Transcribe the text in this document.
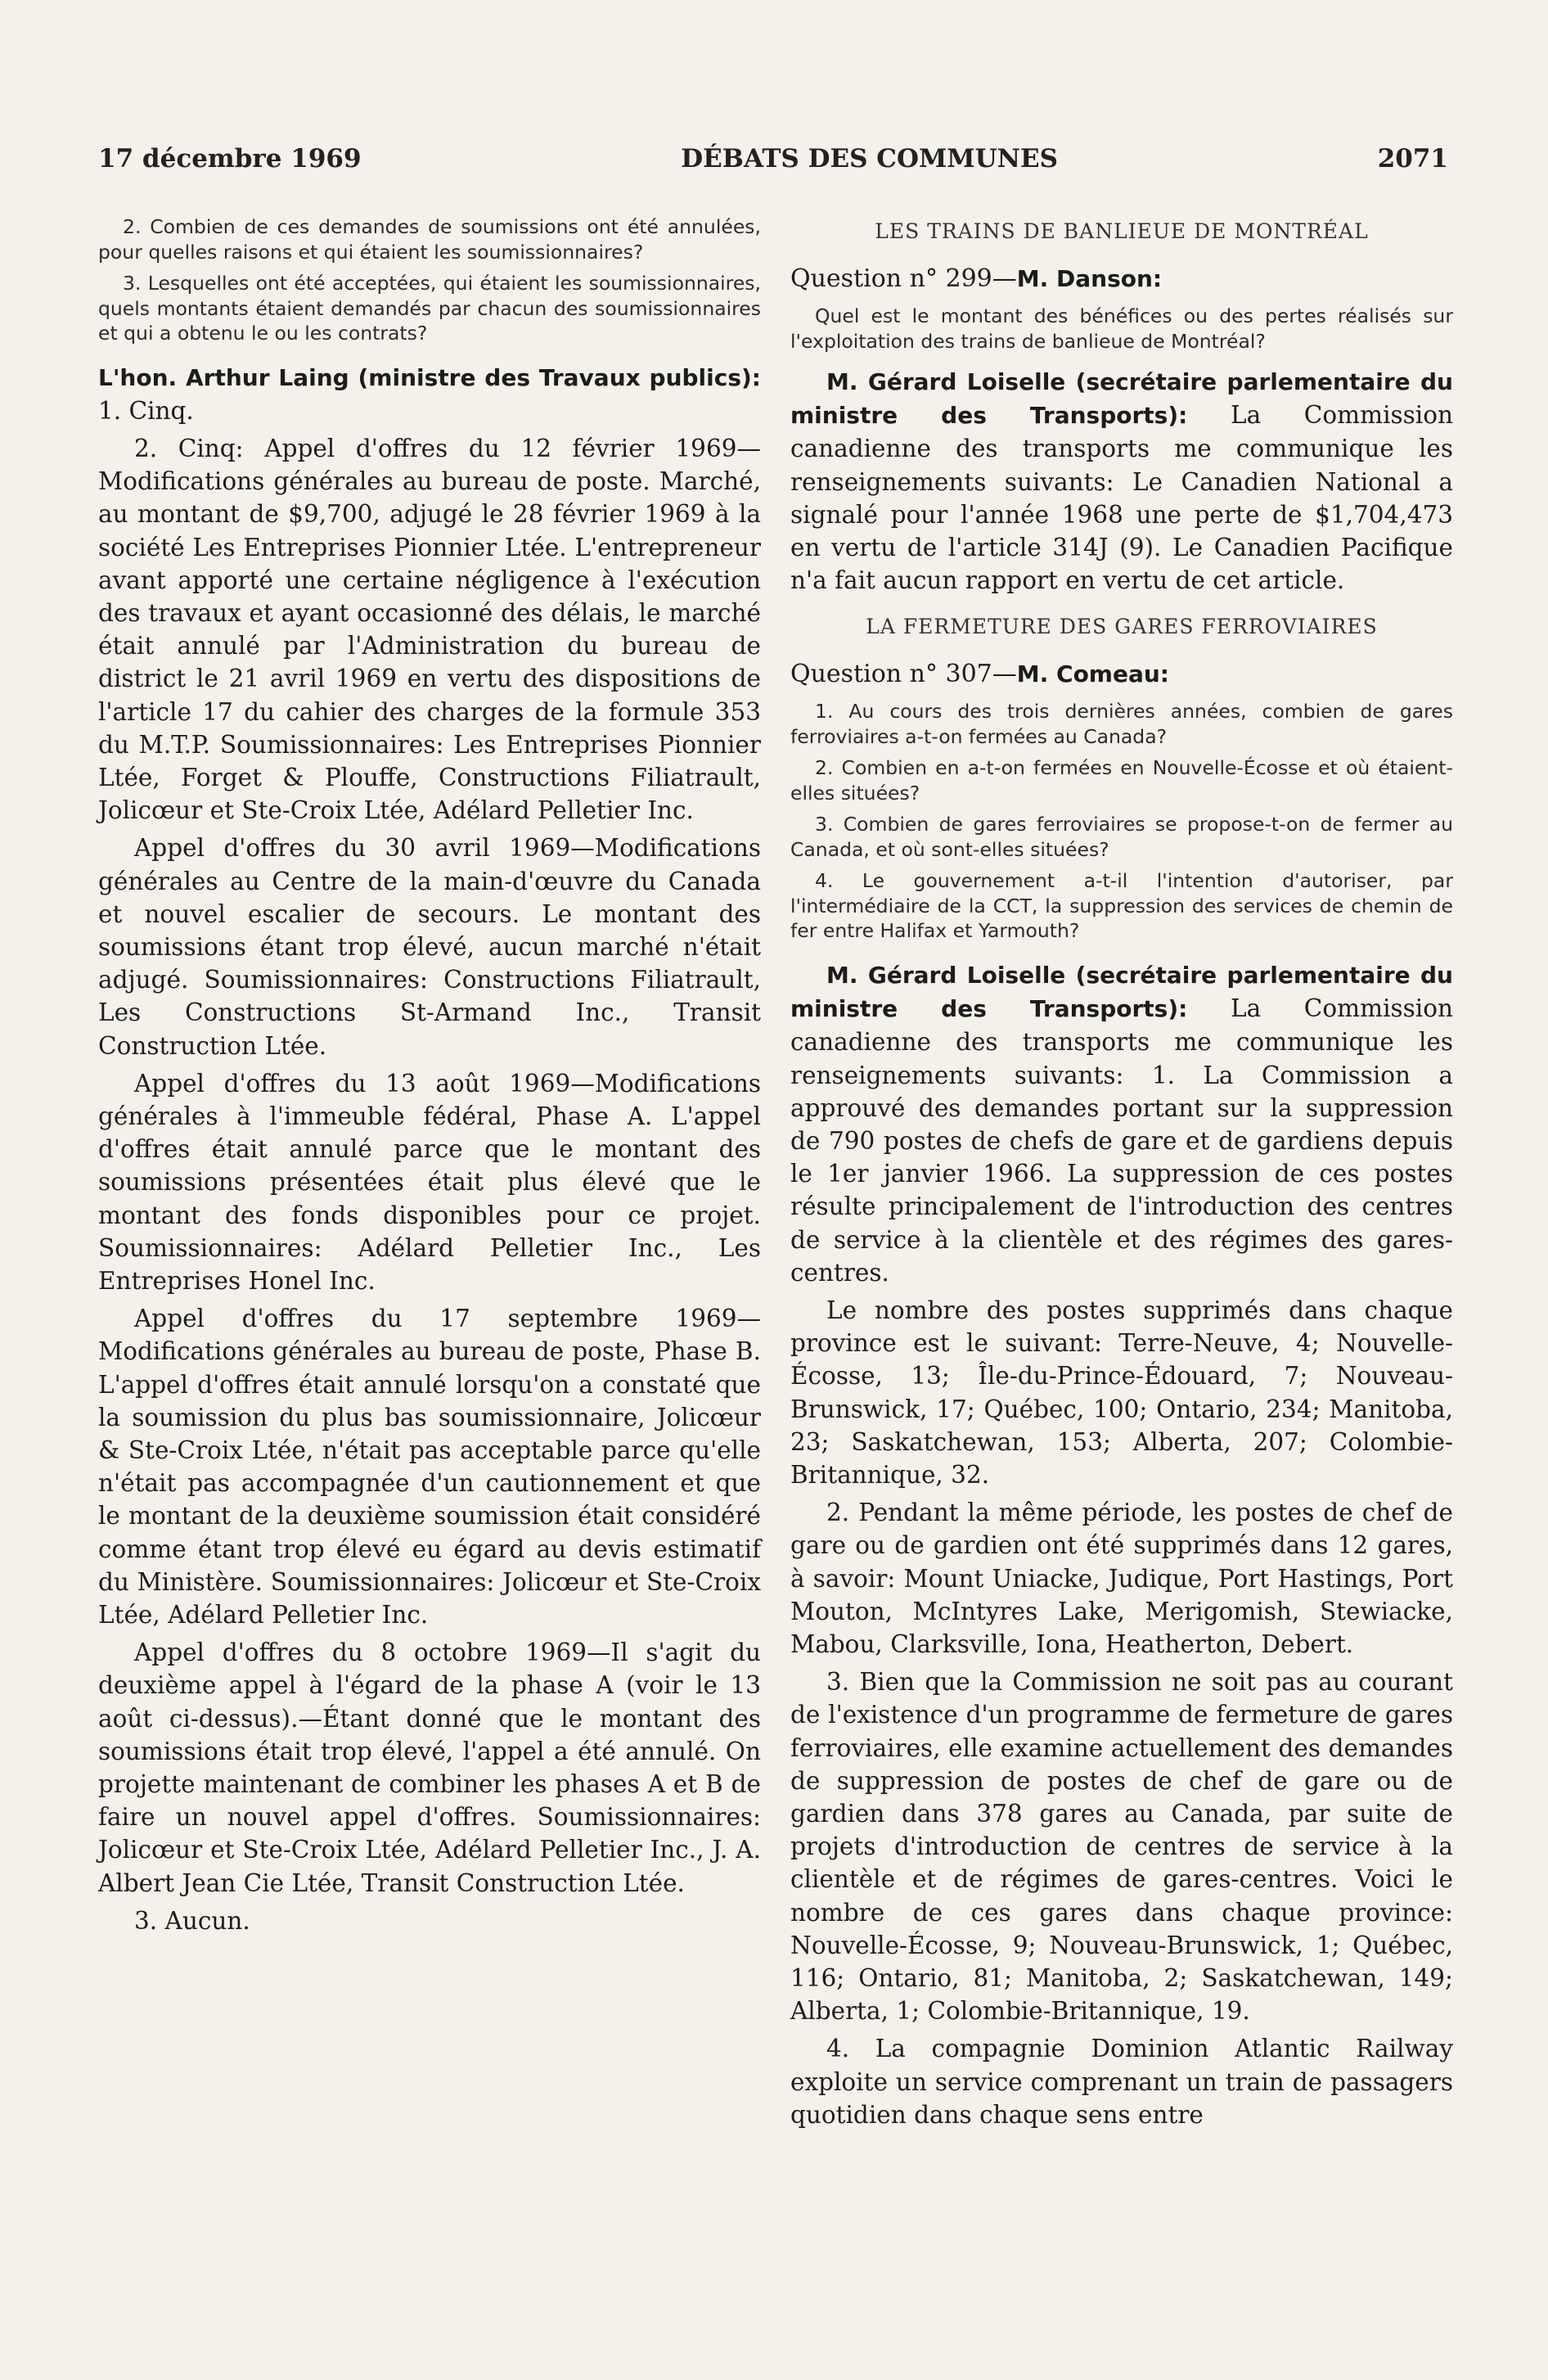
17 décembre 1969	DÉBATS DES COMMUNES	2071

2. Combien de ces demandes de soumissions ont été annulées, pour quelles raisons et qui étaient les soumissionnaires?

3. Lesquelles ont été acceptées, qui étaient les soumissionnaires, quels montants étaient demandés par chacun des soumissionnaires et qui a obtenu le ou les contrats?

L'hon. Arthur Laing (ministre des Travaux publics): 1. Cinq.

2. Cinq: Appel d'offres du 12 février 1969—Modifications générales au bureau de poste. Marché, au montant de $9,700, adjugé le 28 février 1969 à la société Les Entreprises Pionnier Ltée. L'entrepreneur avant apporté une certaine négligence à l'exécution des travaux et ayant occasionné des délais, le marché était annulé par l'Administration du bureau de district le 21 avril 1969 en vertu des dispositions de l'article 17 du cahier des charges de la formule 353 du M.T.P. Soumissionnaires: Les Entreprises Pionnier Ltée, Forget & Plouffe, Constructions Filiatrault, Jolicœur et Ste-Croix Ltée, Adélard Pelletier Inc.

Appel d'offres du 30 avril 1969—Modifications générales au Centre de la main-d'œuvre du Canada et nouvel escalier de secours. Le montant des soumissions étant trop élevé, aucun marché n'était adjugé. Soumissionnaires: Constructions Filiatrault, Les Constructions St-Armand Inc., Transit Construction Ltée.

Appel d'offres du 13 août 1969—Modifications générales à l'immeuble fédéral, Phase A. L'appel d'offres était annulé parce que le montant des soumissions présentées était plus élevé que le montant des fonds disponibles pour ce projet. Soumissionnaires: Adélard Pelletier Inc., Les Entreprises Honel Inc.

Appel d'offres du 17 septembre 1969—Modifications générales au bureau de poste, Phase B. L'appel d'offres était annulé lorsqu'on a constaté que la soumission du plus bas soumissionnaire, Jolicœur & Ste-Croix Ltée, n'était pas acceptable parce qu'elle n'était pas accompagnée d'un cautionnement et que le montant de la deuxième soumission était considéré comme étant trop élevé eu égard au devis estimatif du Ministère. Soumissionnaires: Jolicœur et Ste-Croix Ltée, Adélard Pelletier Inc.

Appel d'offres du 8 octobre 1969—Il s'agit du deuxième appel à l'égard de la phase A (voir le 13 août ci-dessus).—Étant donné que le montant des soumissions était trop élevé, l'appel a été annulé. On projette maintenant de combiner les phases A et B de faire un nouvel appel d'offres. Soumissionnaires: Jolicœur et Ste-Croix Ltée, Adélard Pelletier Inc., J. A. Albert Jean Cie Ltée, Transit Construction Ltée.

3. Aucun.

LES TRAINS DE BANLIEUE DE MONTRÉAL
Question n° 299—M. Danson:

Quel est le montant des bénéfices ou des pertes réalisés sur l'exploitation des trains de banlieue de Montréal?

M. Gérard Loiselle (secrétaire parlementaire du ministre des Transports): La Commission canadienne des transports me communique les renseignements suivants: Le Canadien National a signalé pour l'année 1968 une perte de $1,704,473 en vertu de l'article 314J (9). Le Canadien Pacifique n'a fait aucun rapport en vertu de cet article.

LA FERMETURE DES GARES FERROVIAIRES
Question n° 307—M. Comeau:

1. Au cours des trois dernières années, combien de gares ferroviaires a-t-on fermées au Canada?

2. Combien en a-t-on fermées en Nouvelle-Écosse et où étaient-elles situées?

3. Combien de gares ferroviaires se propose-t-on de fermer au Canada, et où sont-elles situées?

4. Le gouvernement a-t-il l'intention d'autoriser, par l'intermédiaire de la CCT, la suppression des services de chemin de fer entre Halifax et Yarmouth?

M. Gérard Loiselle (secrétaire parlementaire du ministre des Transports): La Commission canadienne des transports me communique les renseignements suivants: 1. La Commission a approuvé des demandes portant sur la suppression de 790 postes de chefs de gare et de gardiens depuis le 1er janvier 1966. La suppression de ces postes résulte principalement de l'introduction des centres de service à la clientèle et des régimes des gares-centres.

Le nombre des postes supprimés dans chaque province est le suivant: Terre-Neuve, 4; Nouvelle-Écosse, 13; Île-du-Prince-Édouard, 7; Nouveau-Brunswick, 17; Québec, 100; Ontario, 234; Manitoba, 23; Saskatchewan, 153; Alberta, 207; Colombie-Britannique, 32.

2. Pendant la même période, les postes de chef de gare ou de gardien ont été supprimés dans 12 gares, à savoir: Mount Uniacke, Judique, Port Hastings, Port Mouton, McIntyres Lake, Merigomish, Stewiacke, Mabou, Clarksville, Iona, Heatherton, Debert.

3. Bien que la Commission ne soit pas au courant de l'existence d'un programme de fermeture de gares ferroviaires, elle examine actuellement des demandes de suppression de postes de chef de gare ou de gardien dans 378 gares au Canada, par suite de projets d'introduction de centres de service à la clientèle et de régimes de gares-centres. Voici le nombre de ces gares dans chaque province: Nouvelle-Écosse, 9; Nouveau-Brunswick, 1; Québec, 116; Ontario, 81; Manitoba, 2; Saskatchewan, 149; Alberta, 1; Colombie-Britannique, 19.

4. La compagnie Dominion Atlantic Railway exploite un service comprenant un train de passagers quotidien dans chaque sens entre
